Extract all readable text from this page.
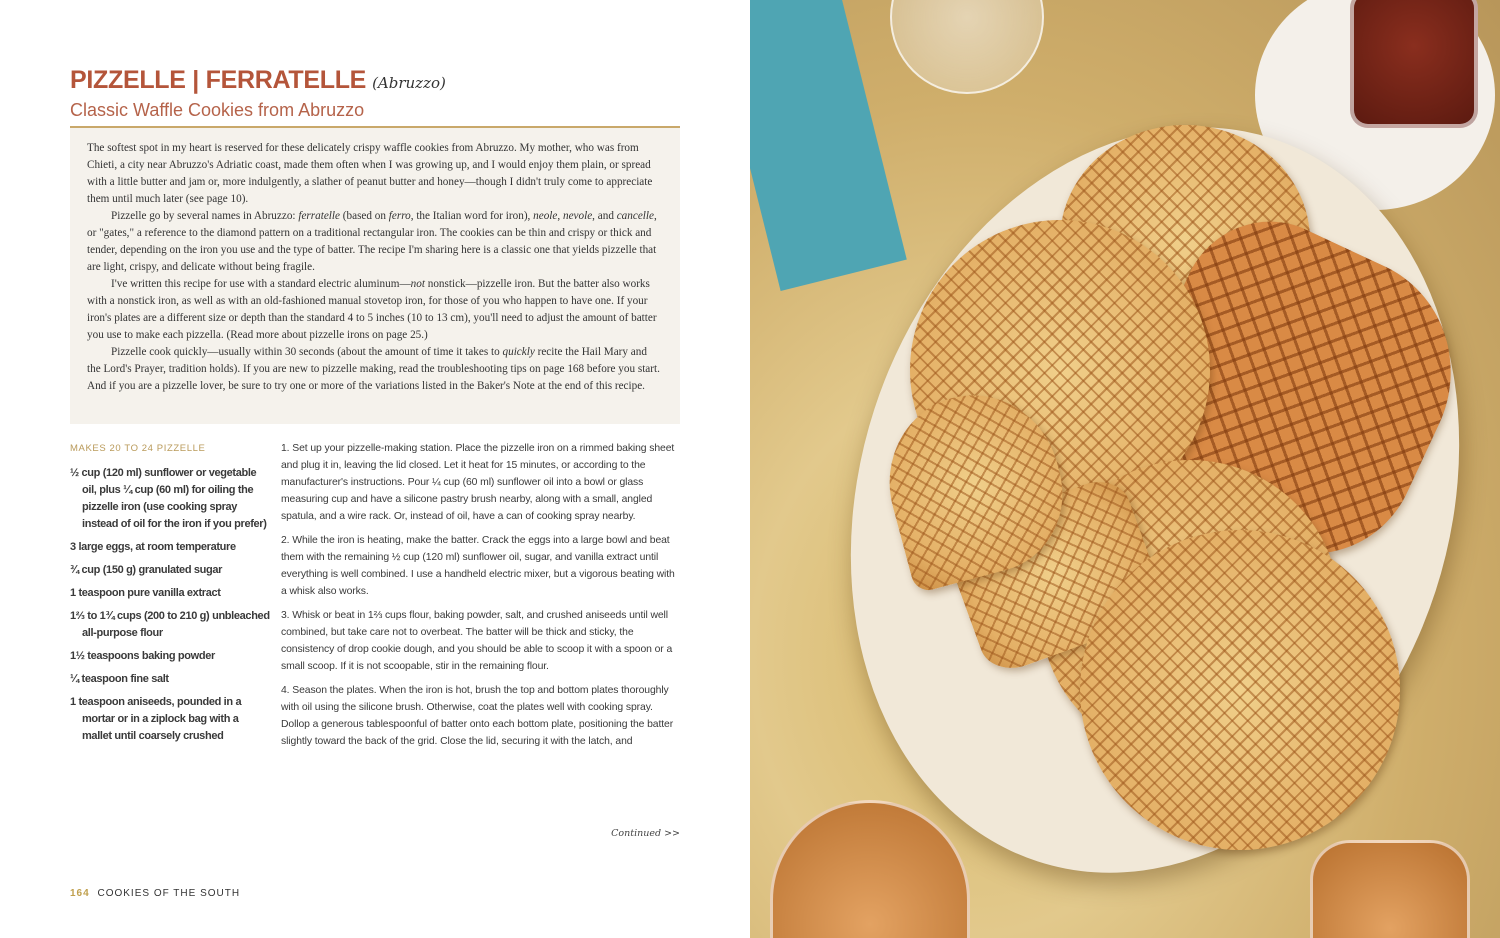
PIZZELLE | FERRATELLE (Abruzzo)
Classic Waffle Cookies from Abruzzo

The softest spot in my heart is reserved for these delicately crispy waffle cookies from Abruzzo. My mother, who was from Chieti, a city near Abruzzo's Adriatic coast, made them often when I was growing up, and I would enjoy them plain, or spread with a little butter and jam or, more indulgently, a slather of peanut butter and honey—though I didn't truly come to appreciate them until much later (see page 10).

Pizzelle go by several names in Abruzzo: ferratelle (based on ferro, the Italian word for iron), neole, nevole, and cancelle, or "gates," a reference to the diamond pattern on a traditional rectangular iron. The cookies can be thin and crispy or thick and tender, depending on the iron you use and the type of batter. The recipe I'm sharing here is a classic one that yields pizzelle that are light, crispy, and delicate without being fragile.

I've written this recipe for use with a standard electric aluminum—not nonstick—pizzelle iron. But the batter also works with a nonstick iron, as well as with an old-fashioned manual stovetop iron, for those of you who happen to have one. If your iron's plates are a different size or depth than the standard 4 to 5 inches (10 to 13 cm), you'll need to adjust the amount of batter you use to make each pizzella. (Read more about pizzelle irons on page 25.)

Pizzelle cook quickly—usually within 30 seconds (about the amount of time it takes to quickly recite the Hail Mary and the Lord's Prayer, tradition holds). If you are new to pizzelle making, read the troubleshooting tips on page 168 before you start. And if you are a pizzelle lover, be sure to try one or more of the variations listed in the Baker's Note at the end of this recipe.

MAKES 20 TO 24 PIZZELLE
½ cup (120 ml) sunflower or vegetable oil, plus ¼ cup (60 ml) for oiling the pizzelle iron (use cooking spray instead of oil for the iron if you prefer)
3 large eggs, at room temperature
¾ cup (150 g) granulated sugar
1 teaspoon pure vanilla extract
1⅔ to 1¾ cups (200 to 210 g) unbleached all-purpose flour
1½ teaspoons baking powder
¼ teaspoon fine salt
1 teaspoon aniseeds, pounded in a mortar or in a ziplock bag with a mallet until coarsely crushed

1. Set up your pizzelle-making station. Place the pizzelle iron on a rimmed baking sheet and plug it in, leaving the lid closed. Let it heat for 15 minutes, or according to the manufacturer's instructions. Pour ¼ cup (60 ml) sunflower oil into a bowl or glass measuring cup and have a silicone pastry brush nearby, along with a small, angled spatula, and a wire rack. Or, instead of oil, have a can of cooking spray nearby.

2. While the iron is heating, make the batter. Crack the eggs into a large bowl and beat them with the remaining ½ cup (120 ml) sunflower oil, sugar, and vanilla extract until everything is well combined. I use a handheld electric mixer, but a vigorous beating with a whisk also works.

3. Whisk or beat in 1⅔ cups flour, baking powder, salt, and crushed aniseeds until well combined, but take care not to overbeat. The batter will be thick and sticky, the consistency of drop cookie dough, and you should be able to scoop it with a spoon or a small scoop. If it is not scoopable, stir in the remaining flour.

4. Season the plates. When the iron is hot, brush the top and bottom plates thoroughly with oil using the silicone brush. Otherwise, coat the plates well with cooking spray. Dollop a generous tablespoonful of batter onto each bottom plate, positioning the batter slightly toward the back of the grid. Close the lid, securing it with the latch, and

Continued >>
164 COOKIES OF THE SOUTH
